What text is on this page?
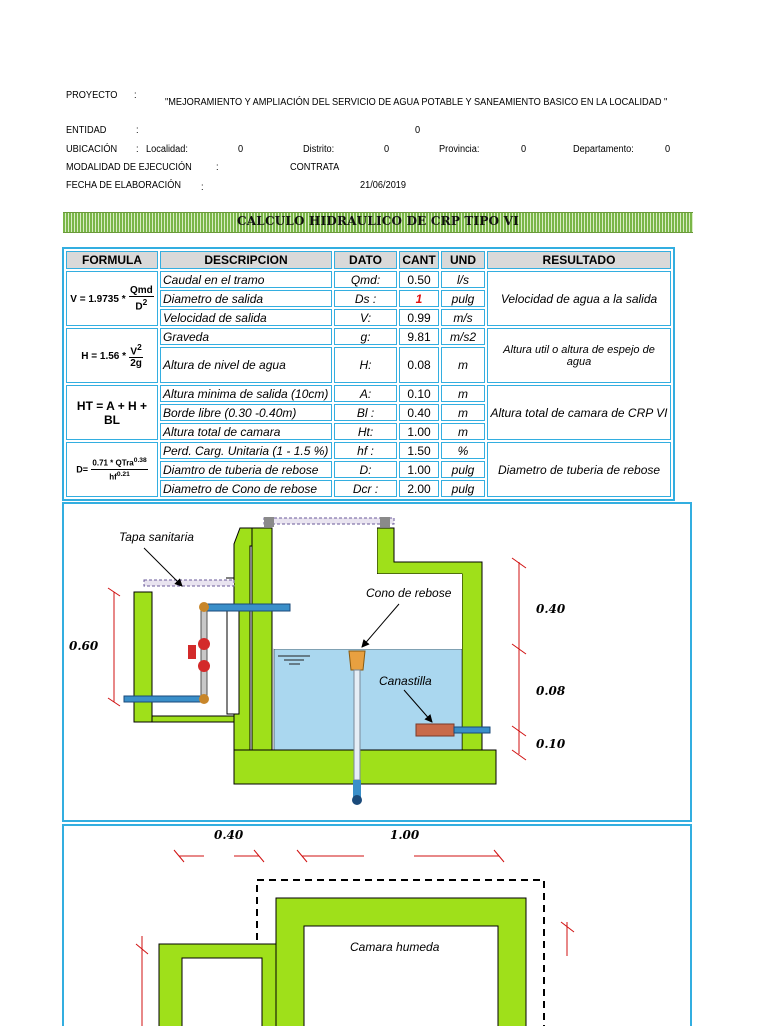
PROYECTO :
"MEJORAMIENTO Y AMPLIACIÓN DEL SERVICIO DE AGUA POTABLE Y SANEAMIENTO BASICO EN LA LOCALIDAD "
ENTIDAD	:	0
UBICACIÓN : Localidad:	0	Distrito:	0	Provincia:	0	Departamento:	0
MODALIDAD DE EJECUCIÓN :	CONTRATA
FECHA DE ELABORACIÓN :	21/06/2019
CALCULO HIDRAULICO DE CRP TIPO VI
FORMULA	DESCRIPCION	DATO	CANT	UND	RESULTADO
$V = 1.9735 * \frac{\text{Qmd}}{D^2}$	Caudal en el tramo	Qmd:	0.50	l/s	Velocidad de agua a la salida
	Diametro de salida	Ds :	1	pulg	
	Velocidad de salida	V:	0.99	m/s	
$H = 1.56 * \frac{V^2}{2g}$	Graveda	g:	9.81	m/s2	Altura util o altura de espejo de agua
	Altura de nivel de agua	H:	0.08	m	
HT = A + H + BL	Altura minima de salida (10cm)	A:	0.10	m	Altura total de camara de CRP VI
	Borde libre (0.30 -0.40m)	Bl :	0.40	m	
	Altura total de camara	Ht:	1.00	m	
$D= \frac{0.71 * QTra^{0.38}}{hf^{0.21}}$	Perd. Carg. Unitaria (1 - 1.5 %)	hf :	1.50	%	Diametro de tuberia de rebose
	Diamtro de tuberia de rebose	D:	1.00	pulg	
	Diametro de Cono de rebose	Dcr :	2.00	pulg	
Tapa sanitaria
Cono de rebose
Canastilla
0.60
0.40
0.08
0.10
0.40	1.00
Camara humeda
